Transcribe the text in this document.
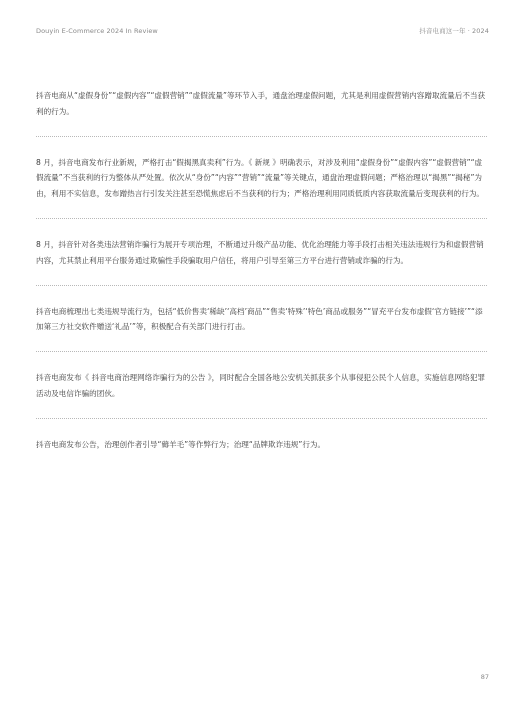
Douyin E-Commerce 2024 In Review	抖音电商这一年 · 2024

抖音电商从“虚假身份”“虚假内容”“虚假营销”“虚假流量”等环节入手，通盘治理虚假问题，尤其是利用虚假营销内容蹭取流量后不当获利的行为。

8 月，抖音电商发布行业新规，严格打击“假揭黑真卖利”行为。《 新规 》明确表示，对涉及利用“虚假身份”“虚假内容”“虚假营销”“虚假流量”不当获利的行为整体从严处置。依次从“身份”“内容”“营销”“流量”等关键点，通盘治理虚假问题；严格治理以“揭黑”“揭秘”为由，利用不实信息，发布蹭热言行引发关注甚至恐慌焦虑后不当获利的行为；严格治理利用同质低质内容获取流量后变现获利的行为。

8 月，抖音针对各类违法营销诈骗行为展开专项治理，不断通过升级产品功能、优化治理能力等手段打击相关违法违规行为和虚假营销内容，尤其禁止利用平台服务通过欺骗性手段骗取用户信任，将用户引导至第三方平台进行营销或诈骗的行为。

抖音电商梳理出七类违规导流行为，包括“低价售卖‘稀缺’‘高档’商品”“售卖‘特殊’‘特色’商品或服务”“冒充平台发布虚假‘官方链接’”“添加第三方社交软件赠送‘礼品’”等，积极配合有关部门进行打击。

抖音电商发布《 抖音电商治理网络诈骗行为的公告 》，同时配合全国各地公安机关抓获多个从事侵犯公民个人信息，实施信息网络犯罪活动及电信诈骗的团伙。

抖音电商发布公告，治理创作者引导“薅羊毛”等作弊行为；治理“品牌欺诈违规”行为。

87
